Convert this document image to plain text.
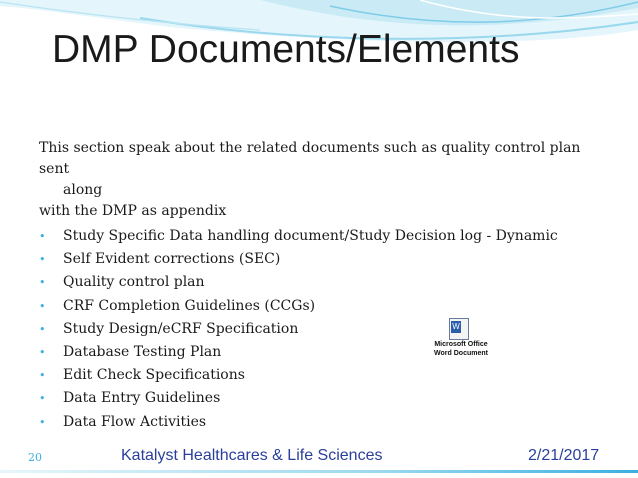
DMP Documents/Elements
This section speak about the related documents such as quality control plan sent
along
with the DMP as appendix
• Study Specific Data handling document/Study Decision log - Dynamic
• Self Evident corrections (SEC)
• Quality control plan
• CRF Completion Guidelines (CCGs)
• Study Design/eCRF Specification
• Database Testing Plan
• Edit Check Specifications
• Data Entry Guidelines
• Data Flow Activities
W
Microsoft Office
Word Document
20	Katalyst Healthcares & Life Sciences	2/21/2017
